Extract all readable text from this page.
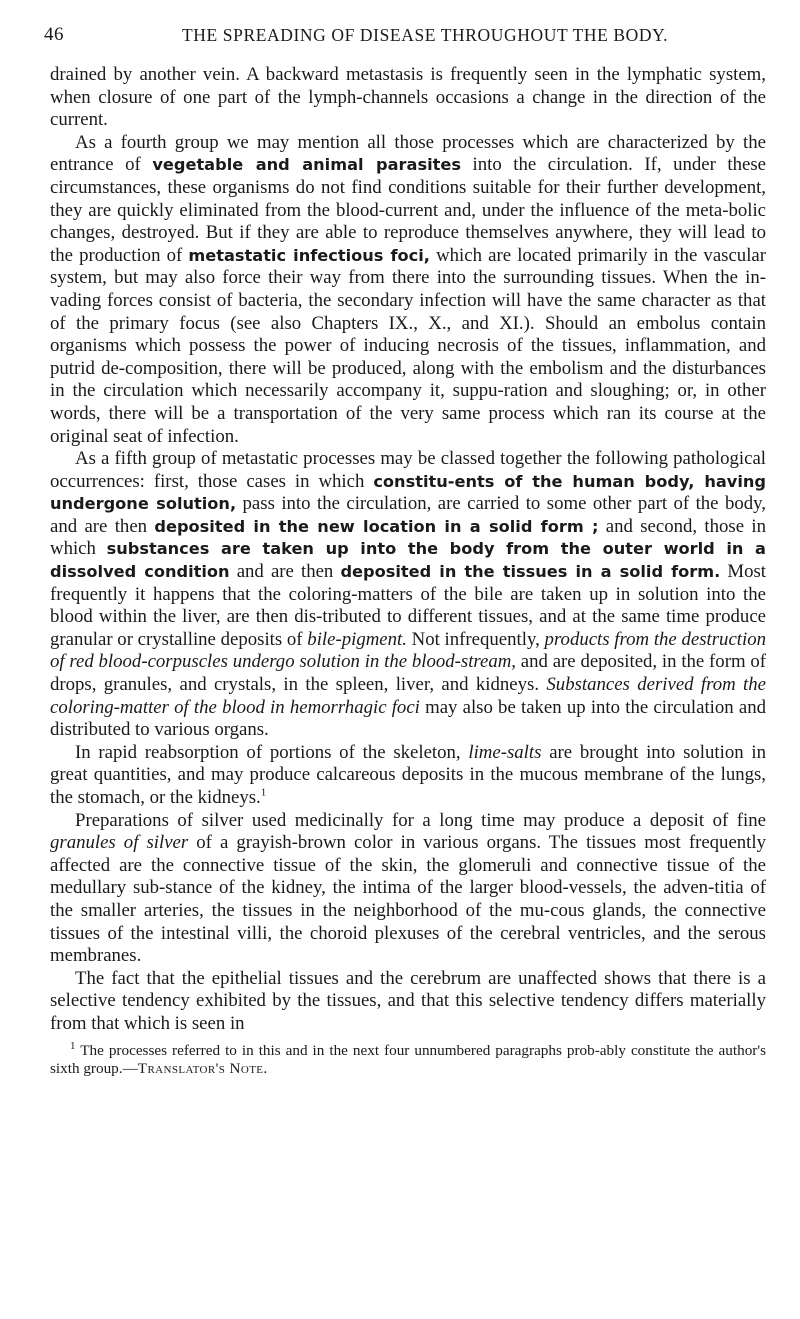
46	THE SPREADING OF DISEASE THROUGHOUT THE BODY.

drained by another vein. A backward metastasis is frequently seen in the lymphatic system, when closure of one part of the lymph-channels occasions a change in the direction of the current.

As a fourth group we may mention all those processes which are characterized by the entrance of vegetable and animal parasites into the circulation. If, under these circumstances, these organisms do not find conditions suitable for their further development, they are quickly eliminated from the blood-current and, under the influence of the meta-bolic changes, destroyed. But if they are able to reproduce themselves anywhere, they will lead to the production of metastatic infectious foci, which are located primarily in the vascular system, but may also force their way from there into the surrounding tissues. When the in-vading forces consist of bacteria, the secondary infection will have the same character as that of the primary focus (see also Chapters IX., X., and XI.). Should an embolus contain organisms which possess the power of inducing necrosis of the tissues, inflammation, and putrid de-composition, there will be produced, along with the embolism and the disturbances in the circulation which necessarily accompany it, suppu-ration and sloughing; or, in other words, there will be a transportation of the very same process which ran its course at the original seat of infection.

As a fifth group of metastatic processes may be classed together the following pathological occurrences: first, those cases in which constitu-ents of the human body, having undergone solution, pass into the circulation, are carried to some other part of the body, and are then deposited in the new location in a solid form ; and second, those in which substances are taken up into the body from the outer world in a dissolved condition and are then deposited in the tissues in a solid form. Most frequently it happens that the coloring-matters of the bile are taken up in solution into the blood within the liver, are then dis-tributed to different tissues, and at the same time produce granular or crystalline deposits of bile-pigment. Not infrequently, products from the destruction of red blood-corpuscles undergo solution in the blood-stream, and are deposited, in the form of drops, granules, and crystals, in the spleen, liver, and kidneys. Substances derived from the coloring-matter of the blood in hemorrhagic foci may also be taken up into the circulation and distributed to various organs.

In rapid reabsorption of portions of the skeleton, lime-salts are brought into solution in great quantities, and may produce calcareous deposits in the mucous membrane of the lungs, the stomach, or the kidneys.$^1$

Preparations of silver used medicinally for a long time may produce a deposit of fine granules of silver of a grayish-brown color in various organs. The tissues most frequently affected are the connective tissue of the skin, the glomeruli and connective tissue of the medullary sub-stance of the kidney, the intima of the larger blood-vessels, the adven-titia of the smaller arteries, the tissues in the neighborhood of the mu-cous glands, the connective tissues of the intestinal villi, the choroid plexuses of the cerebral ventricles, and the serous membranes.

The fact that the epithelial tissues and the cerebrum are unaffected shows that there is a selective tendency exhibited by the tissues, and that this selective tendency differs materially from that which is seen in

$^1$ The processes referred to in this and in the next four unnumbered paragraphs prob-ably constitute the author's sixth group.—Translator's Note.
